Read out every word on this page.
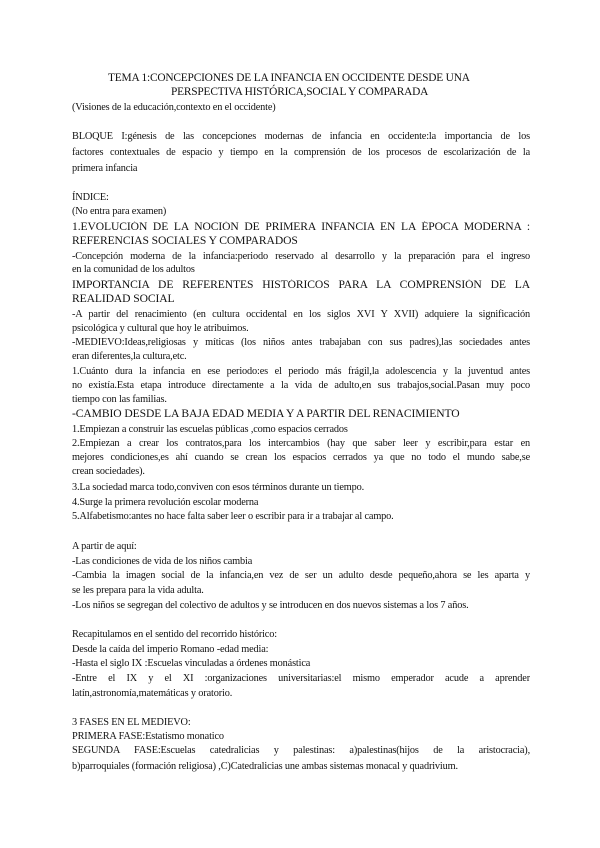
TEMA 1:CONCEPCIONES DE LA INFANCIA EN OCCIDENTE DESDE UNA
PERSPECTIVA HISTÓRICA,SOCIAL Y COMPARADA
(Visiones de la educación,contexto en el occidente)
BLOQUE I:génesis de las concepciones modernas de infancia en occidente:la importancia de los
factores contextuales de espacio y tiempo en la comprensión de los procesos de escolarización de la
primera infancia
ÍNDICE:
(No entra para examen)
1.EVOLUCIÓN DE LA NOCIÓN DE PRIMERA INFANCIA EN LA ÉPOCA MODERNA :
REFERENCIAS SOCIALES Y COMPARADOS
-Concepción moderna de la infancia:periodo reservado al desarrollo y la preparación para el ingreso
en la comunidad de los adultos
IMPORTANCIA DE REFERENTES HISTÓRICOS PARA LA COMPRENSIÓN DE LA
REALIDAD SOCIAL
-A partir del renacimiento (en cultura occidental en los siglos XVI Y XVII) adquiere la significación
psicológica y cultural que hoy le atribuimos.
-MEDIEVO:Ideas,religiosas y míticas (los niños antes trabajaban con sus padres),las sociedades antes
eran diferentes,la cultura,etc.
1.Cuánto dura la infancia en ese periodo:es el periodo más frágil,la adolescencia y la juventud antes
no existía.Esta etapa introduce directamente a la vida de adulto,en sus trabajos,social.Pasan muy poco
tiempo con las familias.
-CAMBIO DESDE LA BAJA EDAD MEDIA Y A PARTIR DEL RENACIMIENTO
1.Empiezan a construir las escuelas públicas ,como espacios cerrados
2.Empiezan a crear los contratos,para los intercambios (hay que saber leer y escribir,para estar en
mejores condiciones,es ahí cuando se crean los espacios cerrados ya que no todo el mundo sabe,se
crean sociedades).
3.La sociedad marca todo,conviven con esos términos durante un tiempo.
4.Surge la primera revolución escolar moderna
5.Alfabetismo:antes no hace falta saber leer o escribir para ir a trabajar al campo.
A partir de aquí:
-Las condiciones de vida de los niños cambia
-Cambia la imagen social de la infancia,en vez de ser un adulto desde pequeño,ahora se les aparta y
se les prepara para la vida adulta.
-Los niños se segregan del colectivo de adultos y se introducen en dos nuevos sistemas a los 7 años.
Recapitulamos en el sentido del recorrido histórico:
Desde la caída del imperio Romano -edad media:
-Hasta el siglo IX :Escuelas vinculadas a órdenes monástica
-Entre el IX y el XI :organizaciones universitarias:el mismo emperador acude a aprender
latín,astronomía,matemáticas y oratorio.
3 FASES EN EL MEDIEVO:
PRIMERA FASE:Estatismo monatico
SEGUNDA FASE:Escuelas catedralicias y palestinas: a)palestinas(hijos de la aristocracia),
b)parroquiales (formación religiosa) ,C)Catedralicias une ambas sistemas monacal y quadrivium.
